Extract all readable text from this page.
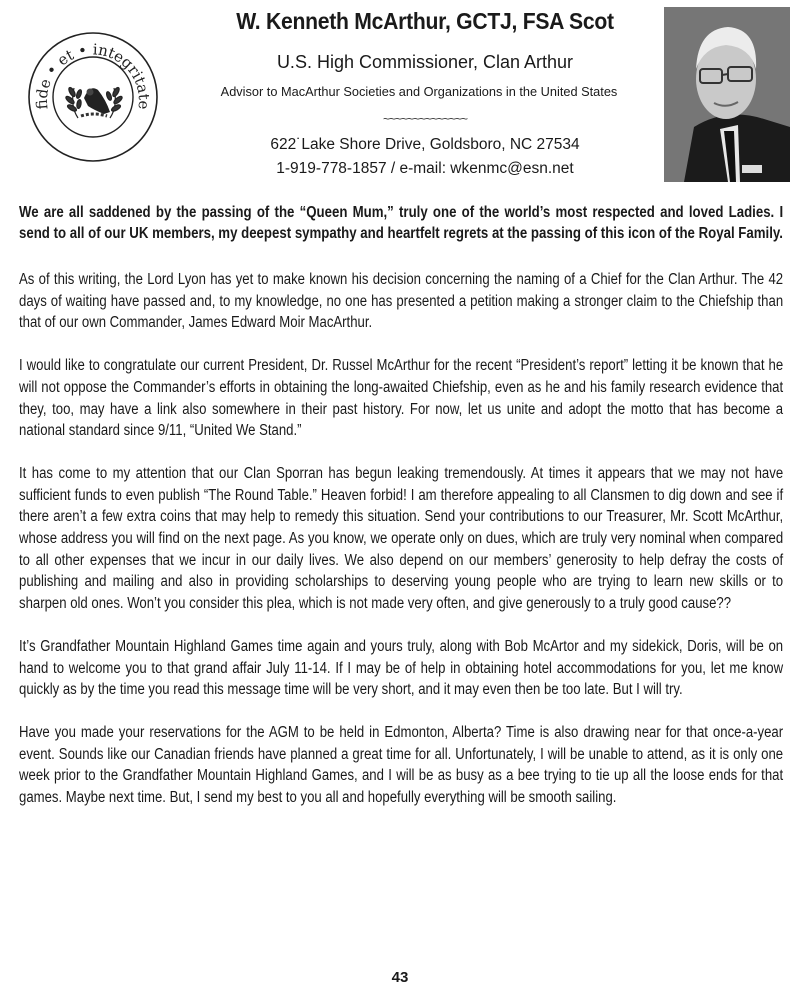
fide • et • integritate
W. Kenneth McArthur, GCTJ, FSA Scot
U.S. High Commissioner, Clan Arthur
Advisor to MacArthur Societies and Organizations in the United States
~~~~~~~~~~~~~~
622˙Lake Shore Drive, Goldsboro, NC 27534
1-919-778-1857 / e-mail: wkenmc@esn.net

We are all saddened by the passing of the “Queen Mum,” truly one of the world’s most respected and loved Ladies. I send to all of our UK members, my deepest sympathy and heartfelt regrets at the passing of this icon of the Royal Family.

As of this writing, the Lord Lyon has yet to make known his decision concerning the naming of a Chief for the Clan Arthur. The 42 days of waiting have passed and, to my knowledge, no one has presented a petition making a stronger claim to the Chiefship than that of our own Commander, James Edward Moir MacArthur.

I would like to congratulate our current President, Dr. Russel McArthur for the recent “President’s report” letting it be known that he will not oppose the Commander’s efforts in obtaining the long-awaited Chiefship, even as he and his family research evidence that they, too, may have a link also somewhere in their past history. For now, let us unite and adopt the motto that has become a national standard since 9/11, “United We Stand.”

It has come to my attention that our Clan Sporran has begun leaking tremendously. At times it appears that we may not have sufficient funds to even publish “The Round Table.” Heaven forbid! I am therefore appealing to all Clansmen to dig down and see if there aren’t a few extra coins that may help to remedy this situation. Send your contributions to our Treasurer, Mr. Scott McArthur, whose address you will find on the next page. As you know, we operate only on dues, which are truly very nominal when compared to all other expenses that we incur in our daily lives. We also depend on our members’ generosity to help defray the costs of publishing and mailing and also in providing scholarships to deserving young people who are trying to learn new skills or to sharpen old ones. Won’t you consider this plea, which is not made very often, and give generously to a truly good cause??

It’s Grandfather Mountain Highland Games time again and yours truly, along with Bob McArtor and my sidekick, Doris, will be on hand to welcome you to that grand affair July 11-14. If I may be of help in obtaining hotel accommodations for you, let me know quickly as by the time you read this message time will be very short, and it may even then be too late. But I will try.

Have you made your reservations for the AGM to be held in Edmonton, Alberta? Time is also drawing near for that once-a-year event. Sounds like our Canadian friends have planned a great time for all. Unfortunately, I will be unable to attend, as it is only one week prior to the Grandfather Mountain Highland Games, and I will be as busy as a bee trying to tie up all the loose ends for that games. Maybe next time. But, I send my best to you all and hopefully everything will be smooth sailing.

43
